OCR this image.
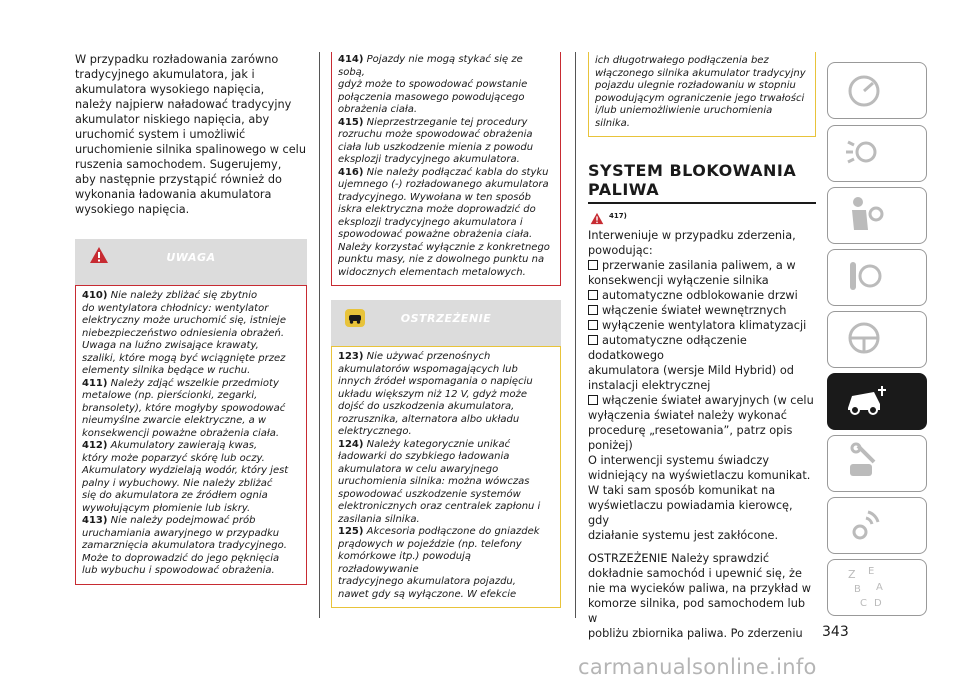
W przypadku rozładowania zarówno
tradycyjnego akumulatora, jak i
akumulatora wysokiego napięcia,
należy najpierw naładować tradycyjny
akumulator niskiego napięcia, aby
uruchomić system i umożliwić
uruchomienie silnika spalinowego w celu
ruszenia samochodem. Sugerujemy,
aby następnie przystąpić również do
wykonania ładowania akumulatora
wysokiego napięcia.

UWAGA

410) Nie należy zbliżać się zbytnio
do wentylatora chłodnicy: wentylator
elektryczny może uruchomić się, istnieje
niebezpieczeństwo odniesienia obrażeń.
Uwaga na luźno zwisające krawaty,
szaliki, które mogą być wciągnięte przez
elementy silnika będące w ruchu.

411) Należy zdjąć wszelkie przedmioty
metalowe (np. pierścionki, zegarki,
bransolety), które mogłyby spowodować
nieumyślne zwarcie elektryczne, a w
konsekwencji poważne obrażenia ciała.

412) Akumulatory zawierają kwas,
który może poparzyć skórę lub oczy.
Akumulatory wydzielają wodór, który jest
palny i wybuchowy. Nie należy zbliżać
się do akumulatora ze źródłem ognia
wywołującym płomienie lub iskry.

413) Nie należy podejmować prób
uruchamiania awaryjnego w przypadku
zamarznięcia akumulatora tradycyjnego.
Może to doprowadzić do jego pęknięcia
lub wybuchu i spowodować obrażenia.

414) Pojazdy nie mogą stykać się ze sobą,
gdyż może to spowodować powstanie
połączenia masowego powodującego
obrażenia ciała.

415) Nieprzestrzeganie tej procedury
rozruchu może spowodować obrażenia
ciała lub uszkodzenie mienia z powodu
eksplozji tradycyjnego akumulatora.

416) Nie należy podłączać kabla do styku
ujemnego (-) rozładowanego akumulatora
tradycyjnego. Wywołana w ten sposób
iskra elektryczna może doprowadzić do
eksplozji tradycyjnego akumulatora i
spowodować poważne obrażenia ciała.
Należy korzystać wyłącznie z konkretnego
punktu masy, nie z dowolnego punktu na
widocznych elementach metalowych.

OSTRZEŻENIE

123) Nie używać przenośnych
akumulatorów wspomagających lub
innych źródeł wspomagania o napięciu
układu większym niż 12 V, gdyż może
dojść do uszkodzenia akumulatora,
rozrusznika, alternatora albo układu
elektrycznego.

124) Należy kategorycznie unikać
ładowarki do szybkiego ładowania
akumulatora w celu awaryjnego
uruchomienia silnika: można wówczas
spowodować uszkodzenie systemów
elektronicznych oraz centralek zapłonu i
zasilania silnika.

125) Akcesoria podłączone do gniazdek
prądowych w pojeździe (np. telefony
komórkowe itp.) powodują rozładowywanie
tradycyjnego akumulatora pojazdu,
nawet gdy są wyłączone. W efekcie

ich długotrwałego podłączenia bez
włączonego silnika akumulator tradycyjny
pojazdu ulegnie rozładowaniu w stopniu
powodującym ograniczenie jego trwałości
i/lub uniemożliwienie uruchomienia
silnika.

SYSTEM BLOKOWANIA
PALIWA

417)

Interweniuje w przypadku zderzenia,
powodując:

przerwanie zasilania paliwem, a w
konsekwencji wyłączenie silnika

automatyczne odblokowanie drzwi

włączenie świateł wewnętrznych

wyłączenie wentylatora klimatyzacji

automatyczne odłączenie dodatkowego
akumulatora (wersje Mild Hybrid) od
instalacji elektrycznej

włączenie świateł awaryjnych (w celu
wyłączenia świateł należy wykonać
procedurę „resetowania”, patrz opis
poniżej)

O interwencji systemu świadczy
widniejący na wyświetlaczu komunikat.
W taki sam sposób komunikat na
wyświetlaczu powiadamia kierowcę, gdy
działanie systemu jest zakłócone.

OSTRZEŻENIE Należy sprawdzić
dokładnie samochód i upewnić się, że
nie ma wycieków paliwa, na przykład w
komorze silnika, pod samochodem lub w
pobliżu zbiornika paliwa. Po zderzeniu

Z E
B A
C D
343
carmanualsonline.info
